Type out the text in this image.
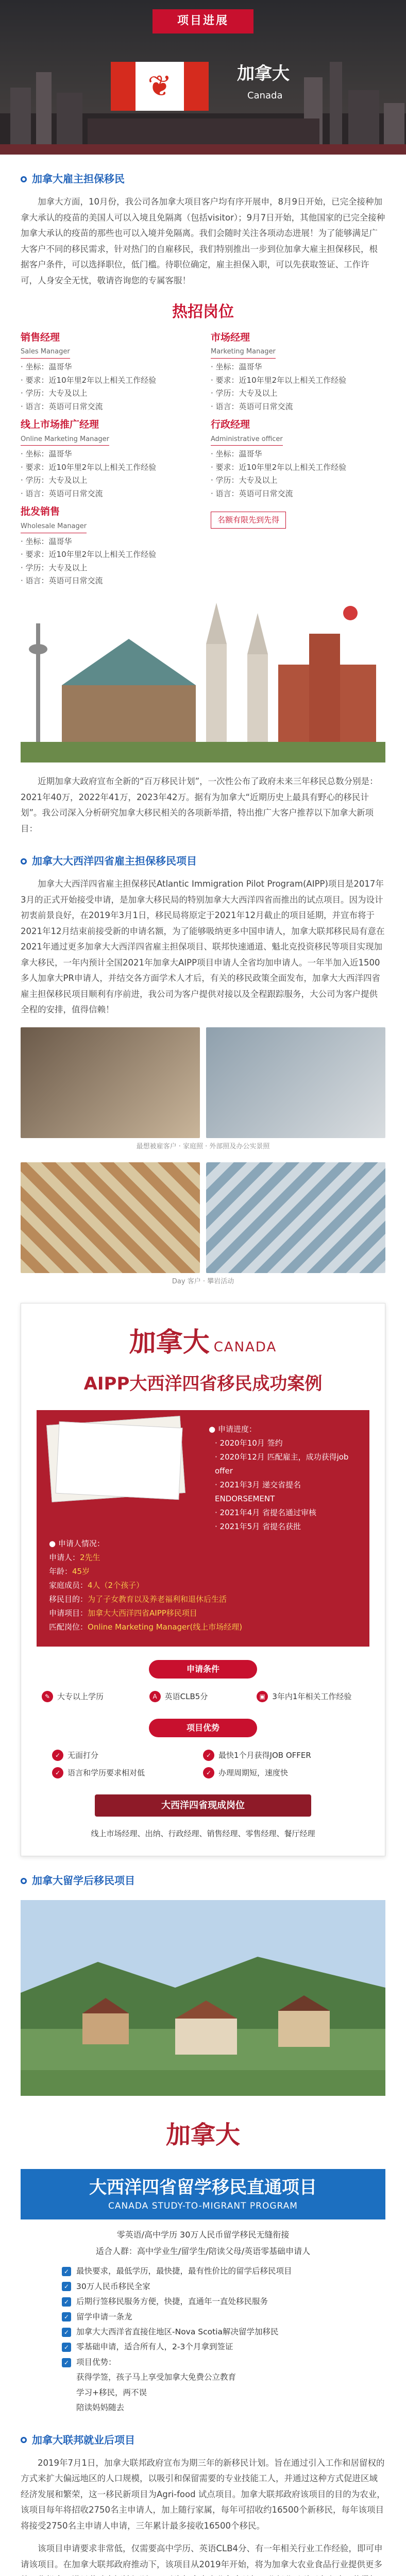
项目进展
❦	加拿大
Canada
加拿大雇主担保移民

加拿大方面，10月份，我公司各加拿大项目客户均有序开展申，8月9日开始，已完全接种加拿大承认的疫苗的美国人可以入境且免隔离（包括visitor）；9月7日开始，其他国家的已完全接种加拿大承认的疫苗的那些也可以入境并免隔离。我们会随时关注各项动态进展！为了能够满足广大客户不同的移民需求，针对热门的自雇移民，我们特别推出一步到位加拿大雇主担保移民，根据客户条件，可以选择职位，低门槛。待职位确定，雇主担保入职，可以先获取签证、工作许可，人身安全无忧，敬请咨询您的专属客服！

热招岗位
销售经理
Sales Manager

· 坐标：温哥华

· 要求：近10年里2年以上相关工作经验

· 学历：大专及以上

· 语言：英语可日常交流

市场经理
Marketing Manager

· 坐标：温哥华

· 要求：近10年里2年以上相关工作经验

· 学历：大专及以上

· 语言：英语可日常交流

线上市场推广经理
Online Marketing Manager

· 坐标：温哥华

· 要求：近10年里2年以上相关工作经验

· 学历：大专及以上

· 语言：英语可日常交流

行政经理
Administrative officer

· 坐标：温哥华

· 要求：近10年里2年以上相关工作经验

· 学历：大专及以上

· 语言：英语可日常交流

批发销售
Wholesale Manager

· 坐标：温哥华

· 要求：近10年里2年以上相关工作经验

· 学历：大专及以上

· 语言：英语可日常交流

名额有限先到先得

近期加拿大政府宣布全新的“百万移民计划”，一次性公布了政府未来三年移民总数分别是：2021年40万，2022年41万，2023年42万。据有为加拿大“近期历史上最具有野心的移民计划”。我公司深入分析研究加拿大移民相关的各项新举措，特出推广大客户推荐以下加拿大新项目：

加拿大大西洋四省雇主担保移民项目

加拿大大西洋四省雇主担保移民Atlantic Immigration Pilot Program(AIPP)项目是2017年3月的正式开始接受申请，是加拿大移民局的特别加拿大大西洋四省而推出的试点项目。因为设计初衷前景良好，在2019年3月1日，移民局将原定于2021年12月截止的项目延期，并宣布将于2021年12月结束前接受新的申请名额，为了能够吸纳更多中国申请人，加拿大联邦移民局有意在2021年通过更多加拿大大西洋四省雇主担保项目、联邦快速通道、魁北克投资移民等项目实现加拿大移民，一年内预计全国2021年加拿大AIPP项目申请人全省均加申请人。一年半加入近1500多人加拿大PR申请人，并结交各方面学术人才后，有关的移民政策全面发布，加拿大大西洋四省雇主担保移民项目顺利有序前进，我公司为客户提供对接以及全程跟踪服务，大公司为客户提供全程的安排，值得信赖！

最想被雇客户 · 家庭照 · 外部照及办公实景照
Day 客户 · 攀岩活动
加拿大 CANADA
AIPP大西洋四省移民成功案例
● 申请进度：
· 2020年10月 签约
· 2020年12月 匹配雇主，成功获得job offer
· 2021年3月 递交省提名ENDORSEMENT
· 2021年4月 省提名通过审核
· 2021年5月 省提名获批
● 申请人情况：
申请人：2先生
年龄：45岁
家庭成员：4人（2个孩子）
移民目的：为了子女教育以及养老福利和退休后生活
申请项目：加拿大大西洋四省AIPP移民项目
匹配岗位：Online Marketing Manager(线上市场经理)
申请条件
✎ 大专以上学历	A 英语CLB5分	▣ 3年内1年相关工作经验
项目优势
✓ 无面打分	✓ 最快1个月获得JOB OFFER
✓ 语言和学历要求相对低	✓ 办理周期短，速度快
大西洋四省现成岗位
线上市场经理、出纳、行政经理、销售经理、零售经理、餐厅经理
加拿大留学后移民项目
加拿大
大西洋四省留学移民直通项目
CANADA STUDY-TO-MIGRANT PROGRAM
零英语/高中学历 30万人民币留学移民无缝衔接
适合人群：高中学业生/留学生/陪读父母/英语零基础申请人
✓ 最快要求，最低学历，最快捷，最有性价比的留学后移民项目
✓ 30万人民币移民全家
✓ 后期行签移民服务方便，快捷，直通年一直处移民服务
✓ 留学申请一条龙
✓ 加拿大大西洋省直接住地区-Nova Scotia解决留学加移民
✓ 零基础申请，适合所有人，2-3个月拿到签证
✓ 项目优势：
获得学签，孩子马上享受加拿大免费公立教育
学习+移民，两不误
陪读妈妈随去
加拿大联邦就业后项目

2019年7月1日，加拿大联邦政府宣布为期三年的新移民计划。旨在通过引入工作和居留权的方式来扩大偏远地区的人口规模，以吸引和保留需要的专业技能工人，并通过这种方式促进区域经济发展和繁荣，这一移民新项目为Agri-food 试点项目。加拿大联邦政府该项目的目的为农业，该项目每年将招收2750名主申请人，加上随行家属，每年可招收约16500个新移民，每年该项目将接受2750名主申请人申请，三年累计最多接收16500个移民。

该项目申请要求非常低，仅需要高中学历、英语CLB4分、有一年相关行业工作经验，即可申请该项目。在加拿大联邦政府推动下，该项目从2019年开始，将为加拿大农业食品行业提供更多
